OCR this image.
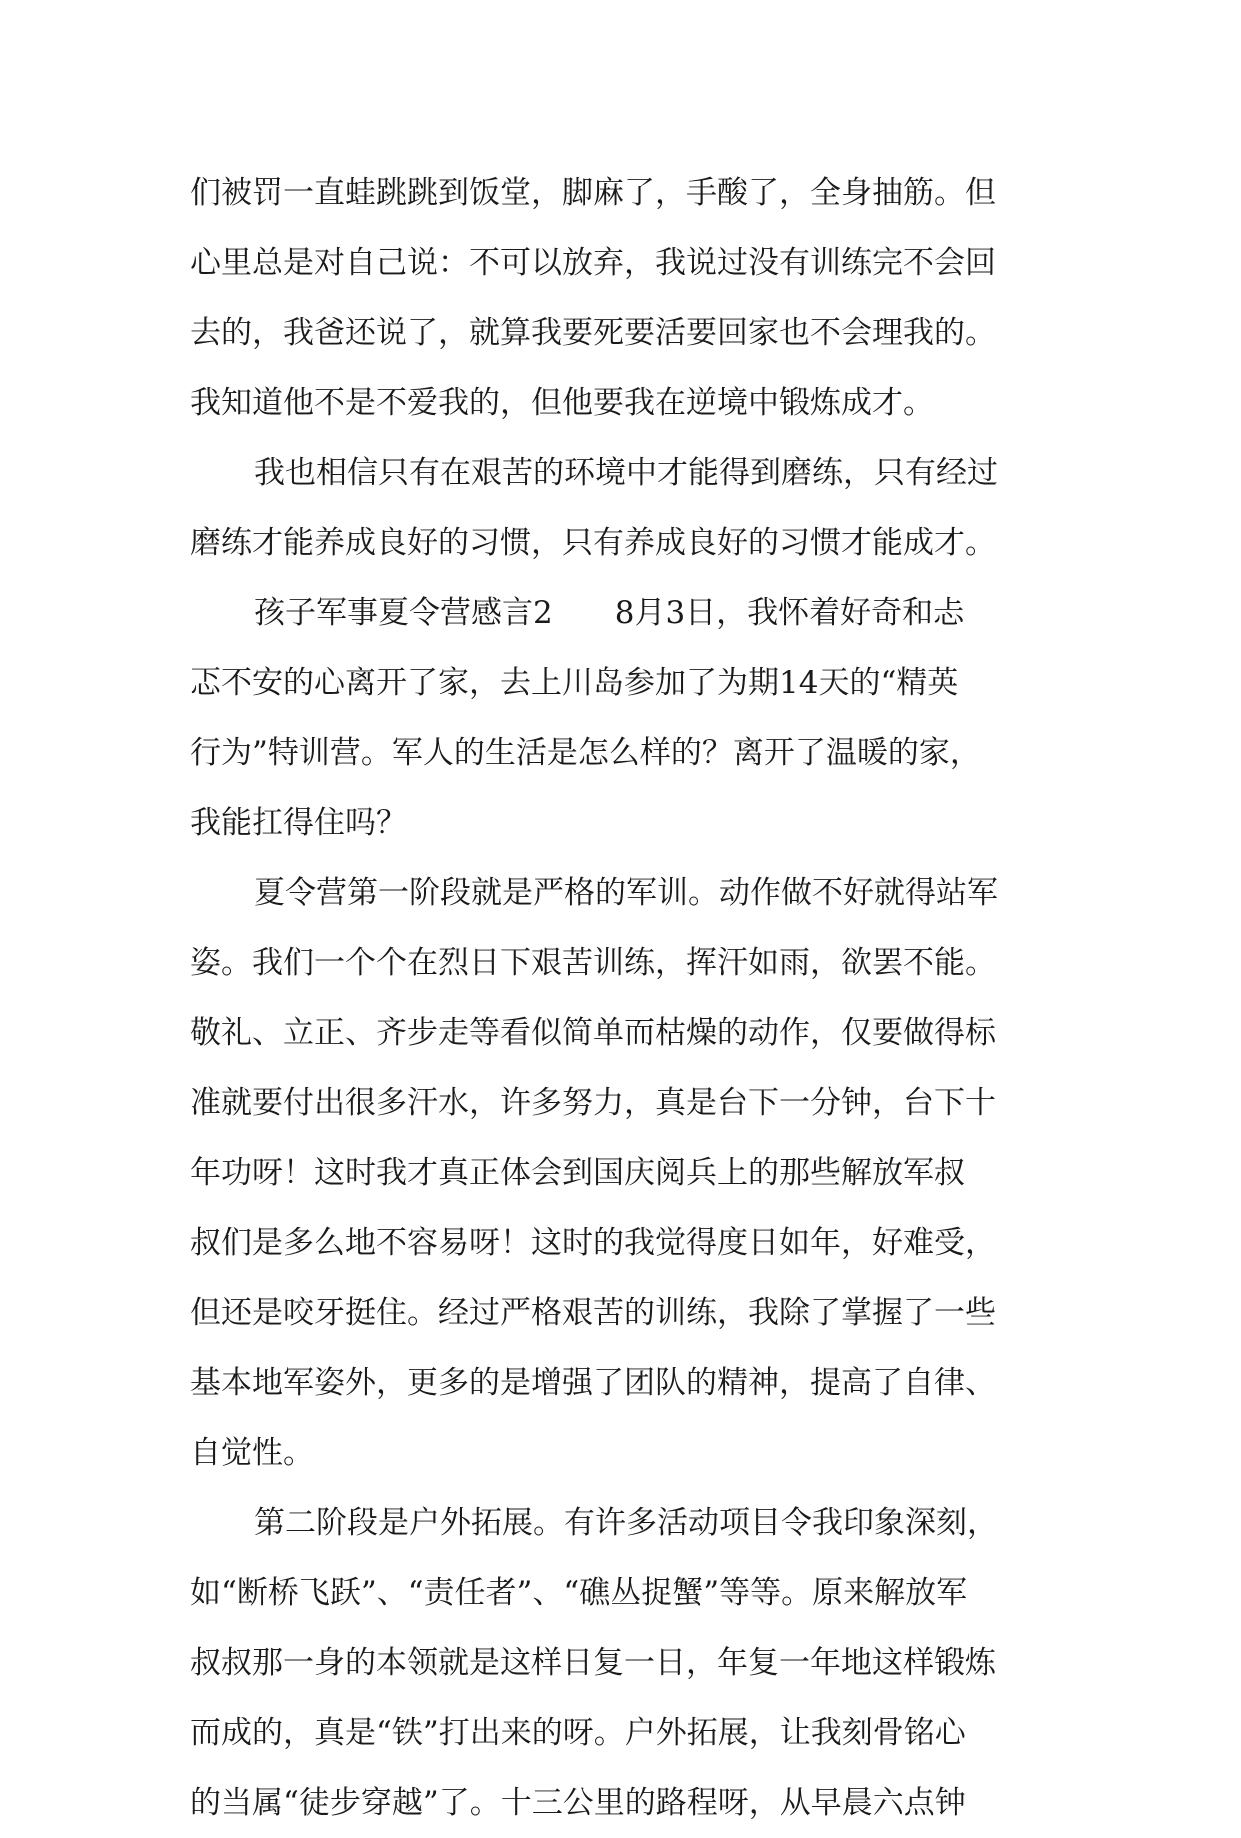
们被罚一直蛙跳跳到饭堂，脚麻了，手酸了，全身抽筋。但
心里总是对自己说：不可以放弃，我说过没有训练完不会回
去的，我爸还说了，就算我要死要活要回家也不会理我的。
我知道他不是不爱我的，但他要我在逆境中锻炼成才。
我也相信只有在艰苦的环境中才能得到磨练，只有经过
磨练才能养成良好的习惯，只有养成良好的习惯才能成才。
孩子军事夏令营感言2　　8月3日，我怀着好奇和忐
忑不安的心离开了家，去上川岛参加了为期14天的“精英
行为”特训营。军人的生活是怎么样的？离开了温暖的家，
我能扛得住吗？
夏令营第一阶段就是严格的军训。动作做不好就得站军
姿。我们一个个在烈日下艰苦训练，挥汗如雨，欲罢不能。
敬礼、立正、齐步走等看似简单而枯燥的动作，仅要做得标
准就要付出很多汗水，许多努力，真是台下一分钟，台下十
年功呀！这时我才真正体会到国庆阅兵上的那些解放军叔
叔们是多么地不容易呀！这时的我觉得度日如年，好难受，
但还是咬牙挺住。经过严格艰苦的训练，我除了掌握了一些
基本地军姿外，更多的是增强了团队的精神，提高了自律、
自觉性。
第二阶段是户外拓展。有许多活动项目令我印象深刻，
如“断桥飞跃”、“责任者”、“礁丛捉蟹”等等。原来解放军
叔叔那一身的本领就是这样日复一日，年复一年地这样锻炼
而成的，真是“铁”打出来的呀。户外拓展，让我刻骨铭心
的当属“徒步穿越”了。十三公里的路程呀，从早晨六点钟
